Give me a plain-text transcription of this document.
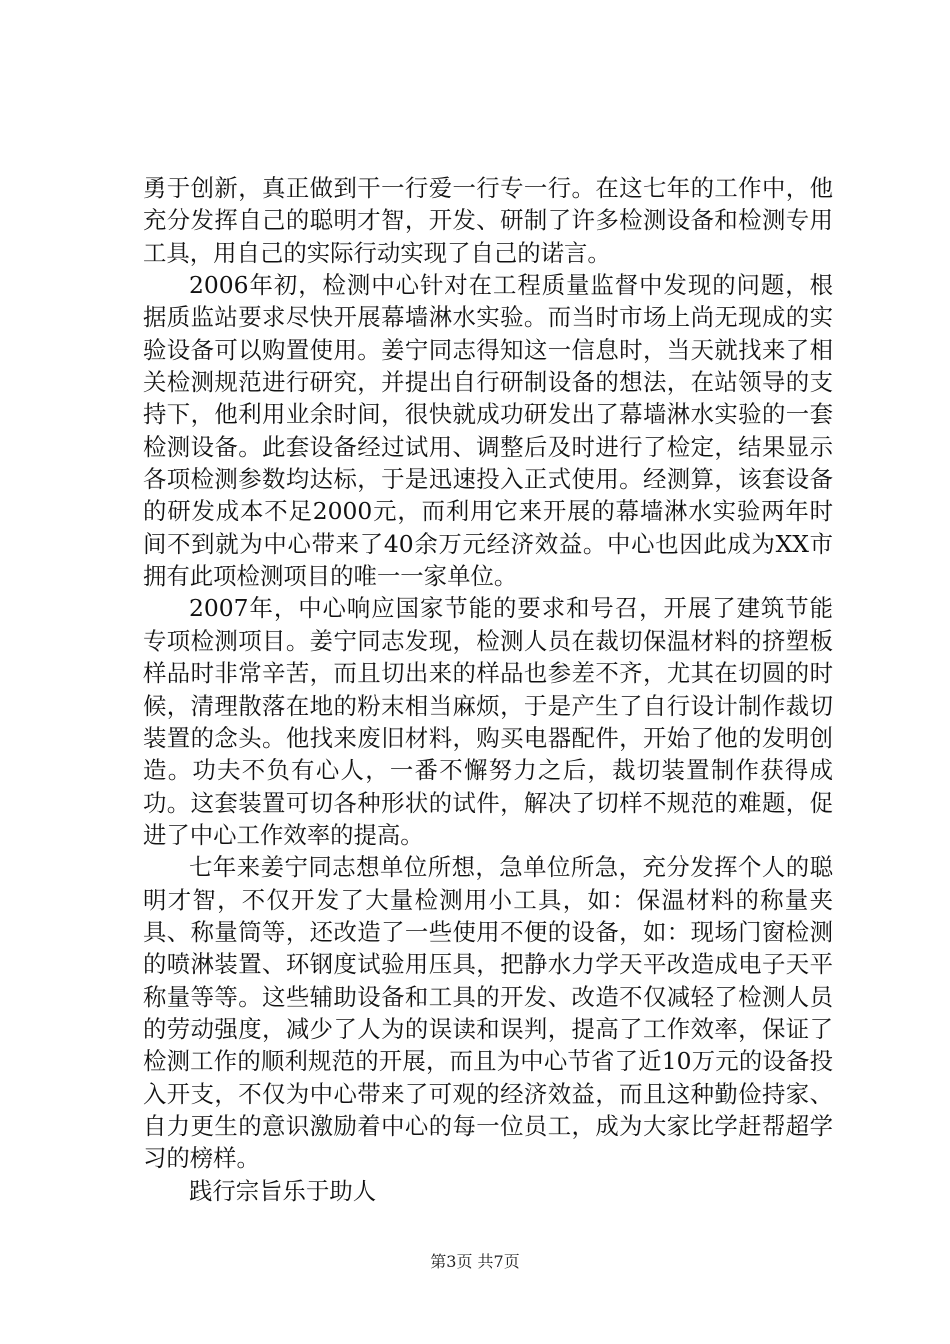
勇于创新，真正做到干一行爱一行专一行。在这七年的工作中，他充分发挥自己的聪明才智，开发、研制了许多检测设备和检测专用工具，用自己的实际行动实现了自己的诺言。

2006年初，检测中心针对在工程质量监督中发现的问题，根据质监站要求尽快开展幕墙淋水实验。而当时市场上尚无现成的实验设备可以购置使用。姜宁同志得知这一信息时，当天就找来了相关检测规范进行研究，并提出自行研制设备的想法，在站领导的支持下，他利用业余时间，很快就成功研发出了幕墙淋水实验的一套检测设备。此套设备经过试用、调整后及时进行了检定，结果显示各项检测参数均达标，于是迅速投入正式使用。经测算，该套设备的研发成本不足2000元，而利用它来开展的幕墙淋水实验两年时间不到就为中心带来了40余万元经济效益。中心也因此成为XX市拥有此项检测项目的唯一一家单位。

2007年，中心响应国家节能的要求和号召，开展了建筑节能专项检测项目。姜宁同志发现，检测人员在裁切保温材料的挤塑板样品时非常辛苦，而且切出来的样品也参差不齐，尤其在切圆的时候，清理散落在地的粉末相当麻烦，于是产生了自行设计制作裁切装置的念头。他找来废旧材料，购买电器配件，开始了他的发明创造。功夫不负有心人，一番不懈努力之后，裁切装置制作获得成功。这套装置可切各种形状的试件，解决了切样不规范的难题，促进了中心工作效率的提高。

七年来姜宁同志想单位所想，急单位所急，充分发挥个人的聪明才智，不仅开发了大量检测用小工具，如：保温材料的称量夹具、称量筒等，还改造了一些使用不便的设备，如：现场门窗检测的喷淋装置、环钢度试验用压具，把静水力学天平改造成电子天平称量等等。这些辅助设备和工具的开发、改造不仅减轻了检测人员的劳动强度，减少了人为的误读和误判，提高了工作效率，保证了检测工作的顺利规范的开展，而且为中心节省了近10万元的设备投入开支，不仅为中心带来了可观的经济效益，而且这种勤俭持家、自力更生的意识激励着中心的每一位员工，成为大家比学赶帮超学习的榜样。

践行宗旨乐于助人

第3页 共7页
